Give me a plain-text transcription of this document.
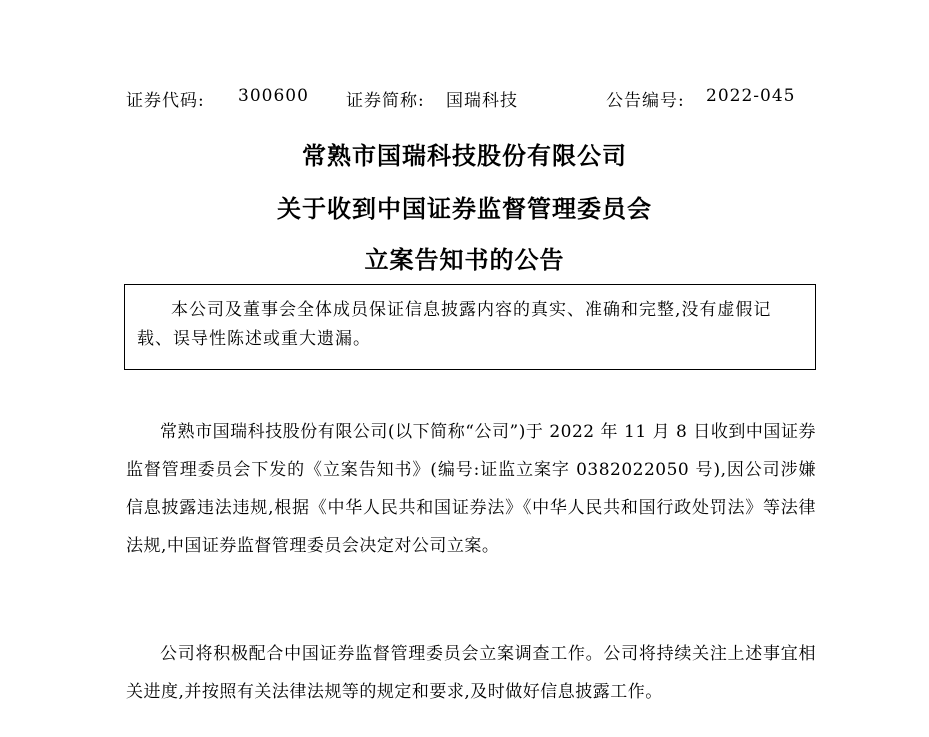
证券代码: 300600 证券简称: 国瑞科技	公告编号: 2022-045
常熟市国瑞科技股份有限公司
关于收到中国证券监督管理委员会
立案告知书的公告
本公司及董事会全体成员保证信息披露内容的真实、准确和完整,没有虚假记载、误导性陈述或重大遗漏。
常熟市国瑞科技股份有限公司(以下简称“公司”)于 2022 年 11 月 8 日收到中国证券监督管理委员会下发的《立案告知书》(编号:证监立案字 0382022050 号),因公司涉嫌信息披露违法违规,根据《中华人民共和国证券法》《中华人民共和国行政处罚法》等法律法规,中国证券监督管理委员会决定对公司立案。
公司将积极配合中国证券监督管理委员会立案调查工作。公司将持续关注上述事宜相关进度,并按照有关法律法规等的规定和要求,及时做好信息披露工作。
